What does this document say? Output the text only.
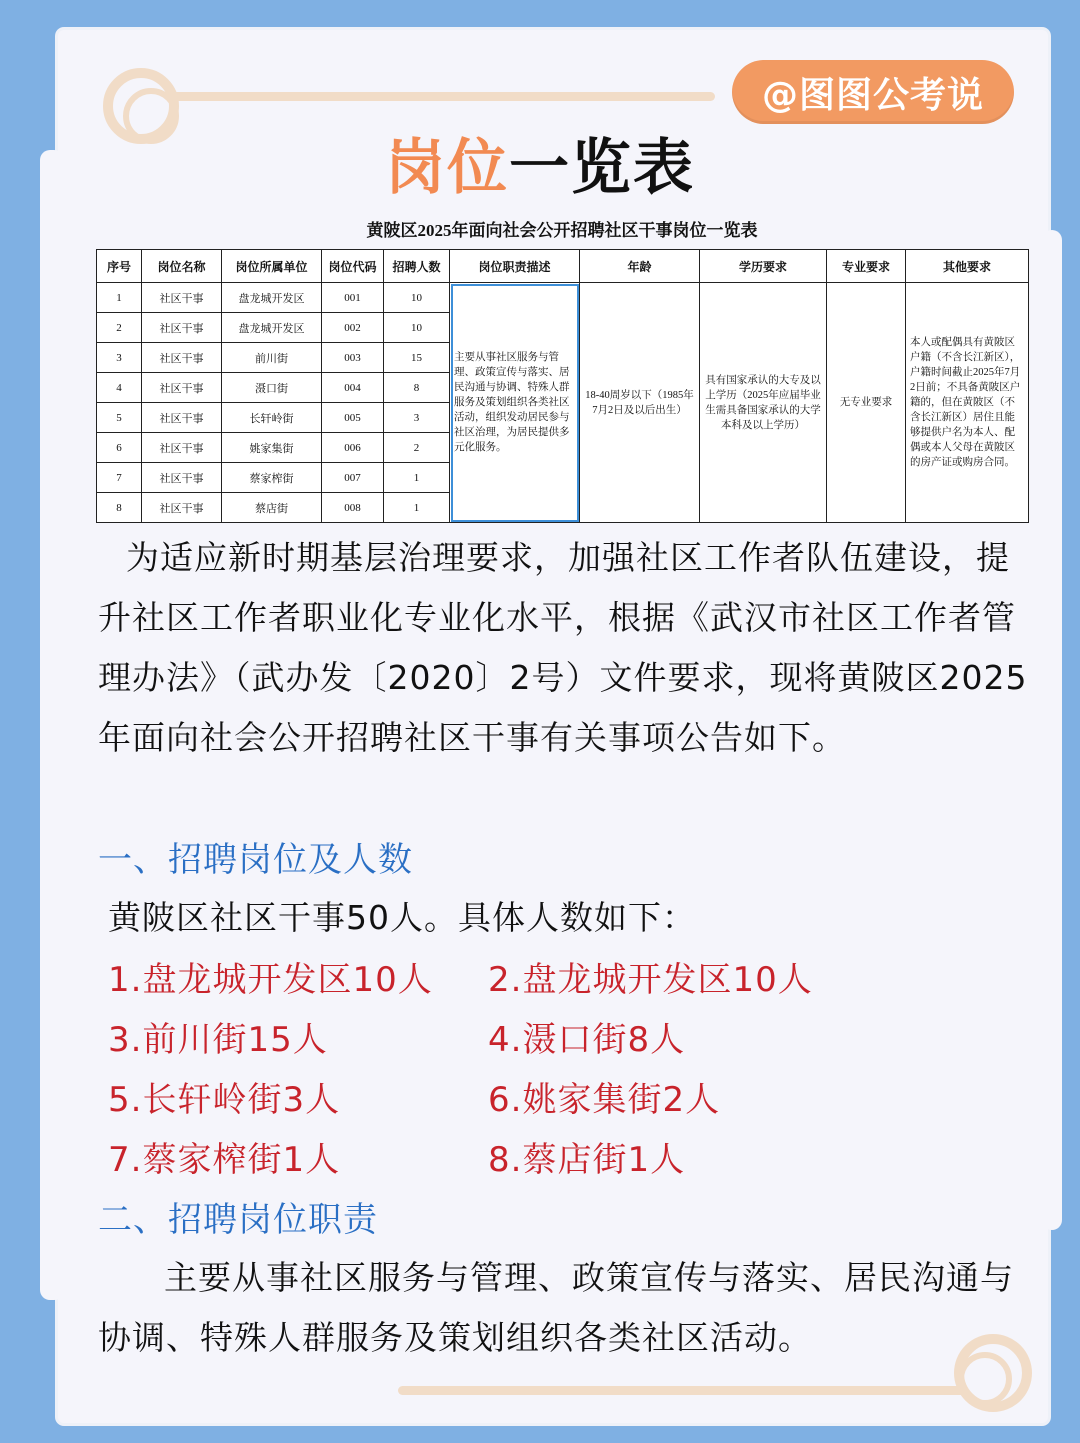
@图图公考说
岗位一览表
黄陂区2025年面向社会公开招聘社区干事岗位一览表
序号	岗位名称	岗位所属单位	岗位代码	招聘人数	岗位职责描述	年龄	学历要求	专业要求	其他要求
1	社区干事	盘龙城开发区	001	10	主要从事社区服务与管理、政策宣传与落实、居民沟通与协调、特殊人群服务及策划组织各类社区活动，组织发动居民参与社区治理，为居民提供多元化服务。	18-40周岁以下（1985年7月2日及以后出生）	具有国家承认的大专及以上学历（2025年应届毕业生需具备国家承认的大学本科及以上学历）	无专业要求	本人或配偶具有黄陂区户籍（不含长江新区），户籍时间截止2025年7月2日前；不具备黄陂区户籍的，但在黄陂区（不含长江新区）居住且能够提供户名为本人、配偶或本人父母在黄陂区的房产证或购房合同。
2	社区干事	盘龙城开发区	002	10					
3	社区干事	前川街	003	15					
4	社区干事	滠口街	004	8					
5	社区干事	长轩岭街	005	3					
6	社区干事	姚家集街	006	2					
7	社区干事	蔡家榨街	007	1					
8	社区干事	蔡店街	008	1					
为适应新时期基层治理要求，加强社区工作者队伍建设，提升社区工作者职业化专业化水平，根据《武汉市社区工作者管理办法》（武办发〔2020〕2号）文件要求，现将黄陂区2025年面向社会公开招聘社区干事有关事项公告如下。
一、招聘岗位及人数
黄陂区社区干事50人。具体人数如下：
1.盘龙城开发区10人 2.盘龙城开发区10人
3.前川街15人	4.滠口街8人
5.长轩岭街3人	6.姚家集街2人
7.蔡家榨街1人	8.蔡店街1人
二、招聘岗位职责
主要从事社区服务与管理、政策宣传与落实、居民沟通与协调、特殊人群服务及策划组织各类社区活动。
